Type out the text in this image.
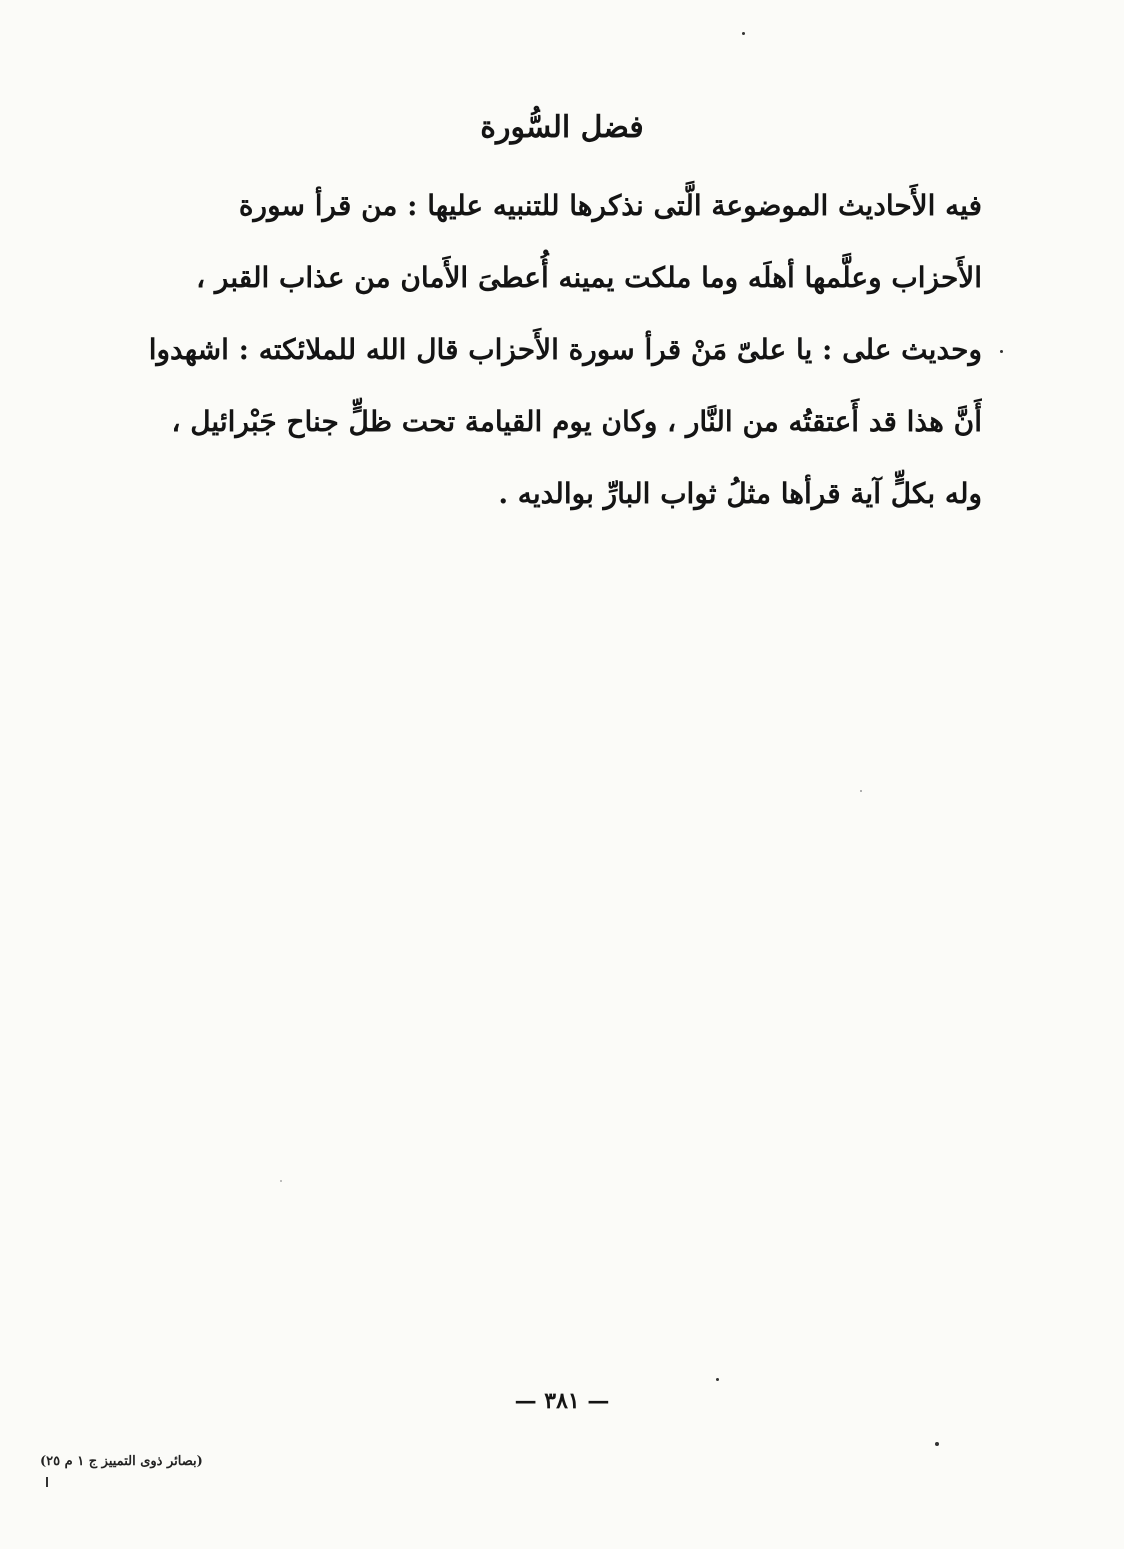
فضل السُّورة
فيه الأَحاديث الموضوعة الَّتى نذكرها للتنبيه عليها : من قرأ سورة
الأَحزاب وعلَّمها أهلَه وما ملكت يمينه أُعطىَ الأَمان من عذاب القبر ،
وحديث على : يا علىّ مَنْ قرأ سورة الأَحزاب قال الله للملائكته : اشهدوا
أَنَّ هذا قد أَعتقتُه من النَّار ، وكان يوم القيامة تحت ظلٍّ جناح جَبْرائيل ،
وله بكلٍّ آية قرأها مثلُ ثواب البارِّ بوالديه .
— ٣٨١ —
(بصائر ذوى التمييز ج ١ م ٢٥)
